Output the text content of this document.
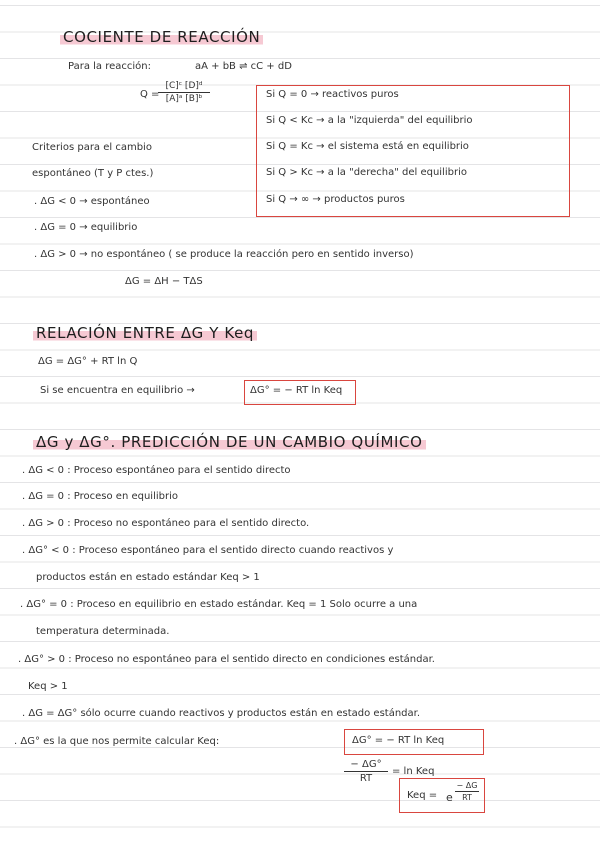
COCIENTE DE REACCIÓN
Para la reacción:	aA + bB ⇌ cC + dD
Q =
[C]ᶜ [D]ᵈ
[A]ᵃ [B]ᵇ	Si Q = 0 → reactivos puros
Si Q < Kc → a la "izquierda" del equilibrio
Si Q = Kc → el sistema está en equilibrio
Si Q > Kc → a la "derecha" del equilibrio
Si Q → ∞ → productos puros
Criterios para el cambio
espontáneo (T y P ctes.)
. ΔG < 0 → espontáneo
. ΔG = 0 → equilibrio
. ΔG > 0 → no espontáneo ( se produce la reacción pero en sentido inverso)
ΔG = ΔH − TΔS
RELACIÓN ENTRE ΔG Y Keq
ΔG = ΔG° + RT ln Q
Si se encuentra en equilibrio →	ΔG° = − RT ln Keq
ΔG y ΔG°. PREDICCIÓN DE UN CAMBIO QUÍMICO
. ΔG < 0 : Proceso espontáneo para el sentido directo
. ΔG = 0 : Proceso en equilibrio
. ΔG > 0 : Proceso no espontáneo para el sentido directo.
. ΔG° < 0 : Proceso espontáneo para el sentido directo cuando reactivos y
productos están en estado estándar Keq > 1
. ΔG° = 0 : Proceso en equilibrio en estado estándar. Keq = 1 Solo ocurre a una
temperatura determinada.
. ΔG° > 0 : Proceso no espontáneo para el sentido directo en condiciones estándar.
Keq > 1
. ΔG = ΔG° sólo ocurre cuando reactivos y productos están en estado estándar.
. ΔG° es la que nos permite calcular Keq:	ΔG° = − RT ln Keq
− ΔG°
RT
= ln Keq
Keq = e
− ΔG
RT
